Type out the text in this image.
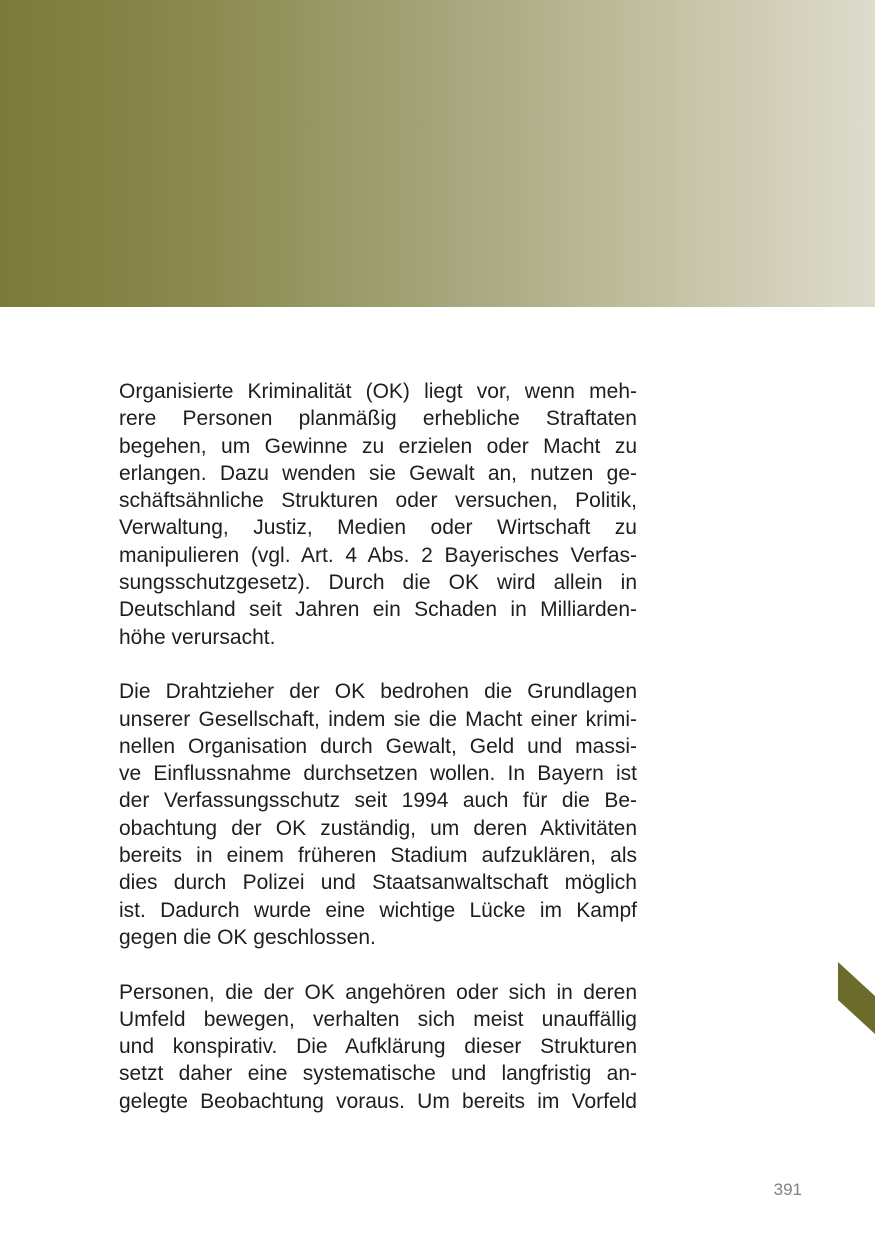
Organisierte Kriminalität (OK) liegt vor, wenn meh-
rere Personen planmäßig erhebliche Straftaten
begehen, um Gewinne zu erzielen oder Macht zu
erlangen. Dazu wenden sie Gewalt an, nutzen ge-
schäftsähnliche Strukturen oder versuchen, Politik,
Verwaltung, Justiz, Medien oder Wirtschaft zu
manipulieren (vgl. Art. 4 Abs. 2 Bayerisches Verfas-
sungsschutzgesetz). Durch die OK wird allein in
Deutschland seit Jahren ein Schaden in Milliarden-
höhe verursacht.

Die Drahtzieher der OK bedrohen die Grundlagen
unserer Gesellschaft, indem sie die Macht einer krimi-
nellen Organisation durch Gewalt, Geld und massi-
ve Einflussnahme durchsetzen wollen. In Bayern ist
der Verfassungsschutz seit 1994 auch für die Be-
obachtung der OK zuständig, um deren Aktivitäten
bereits in einem früheren Stadium aufzuklären, als
dies durch Polizei und Staatsanwaltschaft möglich
ist. Dadurch wurde eine wichtige Lücke im Kampf
gegen die OK geschlossen.

Personen, die der OK angehören oder sich in deren
Umfeld bewegen, verhalten sich meist unauffällig
und konspirativ. Die Aufklärung dieser Strukturen
setzt daher eine systematische und langfristig an-
gelegte Beobachtung voraus. Um bereits im Vorfeld

391
